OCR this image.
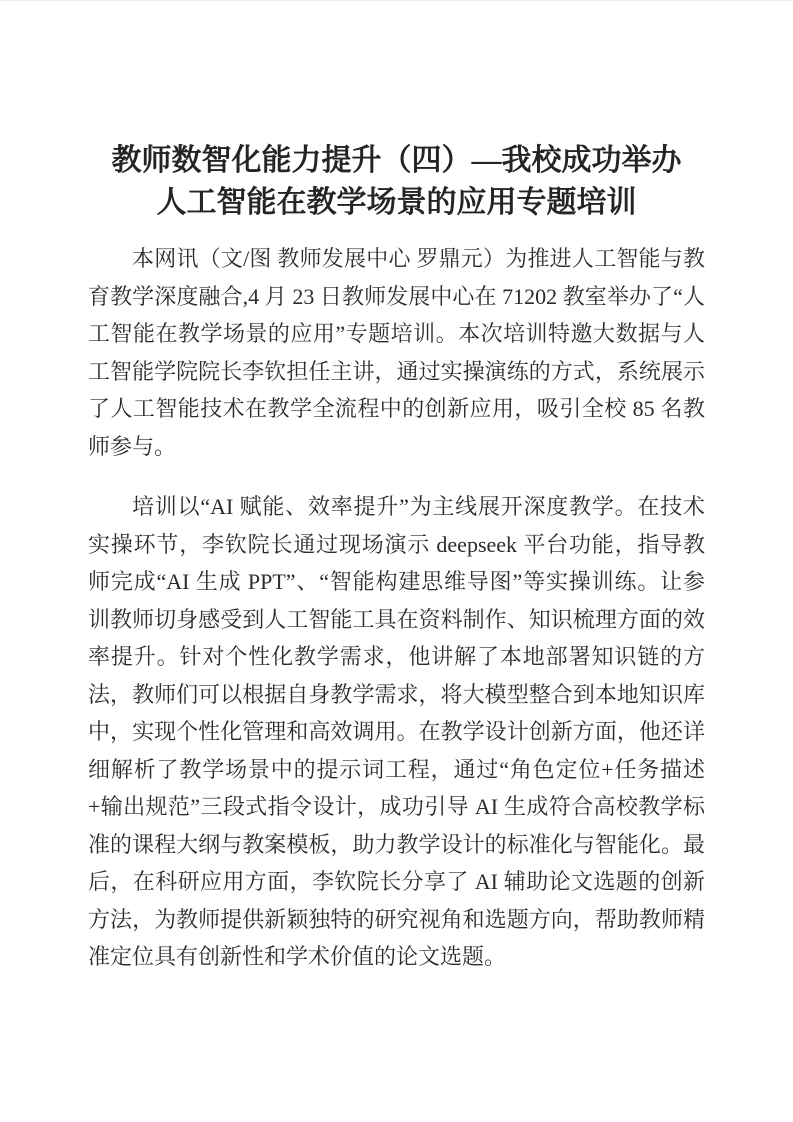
教师数智化能力提升（四）—我校成功举办
人工智能在教学场景的应用专题培训

本网讯（文/图 教师发展中心 罗鼎元）为推进人工智能与教育教学深度融合,4 月 23 日教师发展中心在 71202 教室举办了“人工智能在教学场景的应用”专题培训。本次培训特邀大数据与人工智能学院院长李钦担任主讲，通过实操演练的方式，系统展示了人工智能技术在教学全流程中的创新应用，吸引全校 85 名教师参与。

培训以“AI 赋能、效率提升”为主线展开深度教学。在技术实操环节，李钦院长通过现场演示 deepseek 平台功能，指导教师完成“AI 生成 PPT”、“智能构建思维导图”等实操训练。让参训教师切身感受到人工智能工具在资料制作、知识梳理方面的效率提升。针对个性化教学需求，他讲解了本地部署知识链的方法，教师们可以根据自身教学需求，将大模型整合到本地知识库中，实现个性化管理和高效调用。在教学设计创新方面，他还详细解析了教学场景中的提示词工程，通过“角色定位+任务描述+输出规范”三段式指令设计，成功引导 AI 生成符合高校教学标准的课程大纲与教案模板，助力教学设计的标准化与智能化。最后，在科研应用方面，李钦院长分享了 AI 辅助论文选题的创新方法，为教师提供新颖独特的研究视角和选题方向，帮助教师精准定位具有创新性和学术价值的论文选题。
